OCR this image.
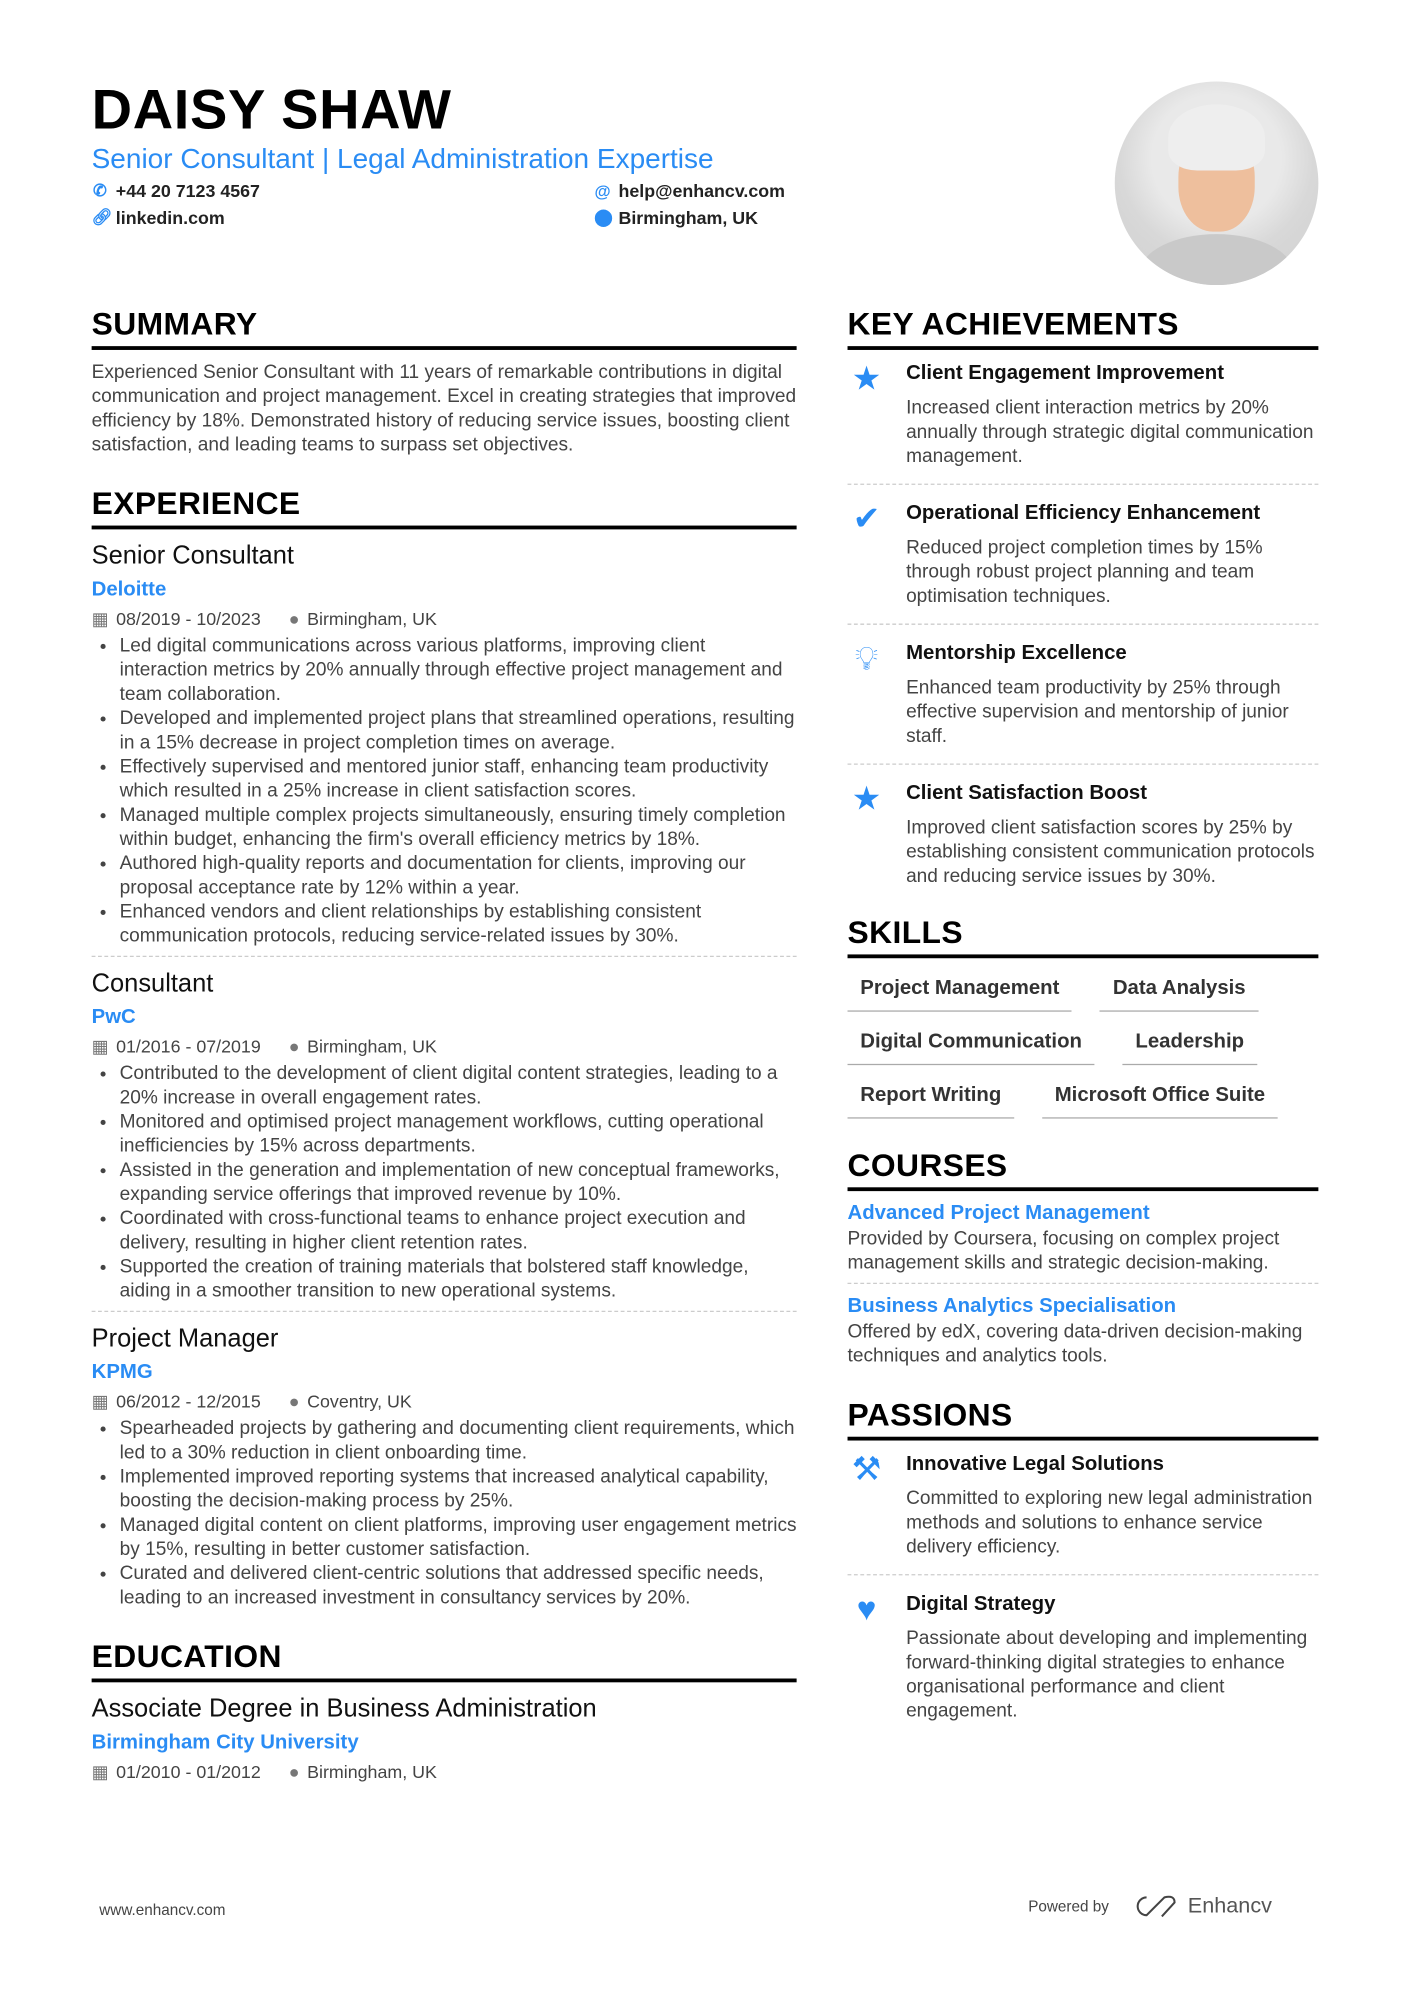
DAISY SHAW
Senior Consultant | Legal Administration Expertise
✆ +44 20 7123 4567
🔗︎ linkedin.com
@ help@enhancv.com
⬤ Birmingham, UK
SUMMARY
Experienced Senior Consultant with 11 years of remarkable contributions in digital communication and project management. Excel in creating strategies that improved efficiency by 18%. Demonstrated history of reducing service issues, boosting client satisfaction, and leading teams to surpass set objectives.
EXPERIENCE
Senior Consultant
Deloitte
▦ 08/2019 - 10/2023 ● Birmingham, UK
• Led digital communications across various platforms, improving client interaction metrics by 20% annually through effective project management and team collaboration.
• Developed and implemented project plans that streamlined operations, resulting in a 15% decrease in project completion times on average.
• Effectively supervised and mentored junior staff, enhancing team productivity which resulted in a 25% increase in client satisfaction scores.
• Managed multiple complex projects simultaneously, ensuring timely completion within budget, enhancing the firm's overall efficiency metrics by 18%.
• Authored high-quality reports and documentation for clients, improving our proposal acceptance rate by 12% within a year.
• Enhanced vendors and client relationships by establishing consistent communication protocols, reducing service-related issues by 30%.
Consultant
PwC
▦ 01/2016 - 07/2019 ● Birmingham, UK
• Contributed to the development of client digital content strategies, leading to a 20% increase in overall engagement rates.
• Monitored and optimised project management workflows, cutting operational inefficiencies by 15% across departments.
• Assisted in the generation and implementation of new conceptual frameworks, expanding service offerings that improved revenue by 10%.
• Coordinated with cross-functional teams to enhance project execution and delivery, resulting in higher client retention rates.
• Supported the creation of training materials that bolstered staff knowledge, aiding in a smoother transition to new operational systems.
Project Manager
KPMG
▦ 06/2012 - 12/2015 ● Coventry, UK
• Spearheaded projects by gathering and documenting client requirements, which led to a 30% reduction in client onboarding time.
• Implemented improved reporting systems that increased analytical capability, boosting the decision-making process by 25%.
• Managed digital content on client platforms, improving user engagement metrics by 15%, resulting in better customer satisfaction.
• Curated and delivered client-centric solutions that addressed specific needs, leading to an increased investment in consultancy services by 20%.
EDUCATION
Associate Degree in Business Administration
Birmingham City University
▦ 01/2010 - 01/2012 ● Birmingham, UK
KEY ACHIEVEMENTS
★ Client Engagement Improvement
Increased client interaction metrics by 20% annually through strategic digital communication management.
✔	Operational Efficiency Enhancement
Reduced project completion times by 15% through robust project planning and team optimisation techniques.
💡︎	Mentorship Excellence
Enhanced team productivity by 25% through effective supervision and mentorship of junior staff.
★ Client Satisfaction Boost
Improved client satisfaction scores by 25% by establishing consistent communication protocols and reducing service issues by 30%.
SKILLS
Project Management	Data Analysis
Digital Communication	Leadership
Report Writing	Microsoft Office Suite
COURSES
Advanced Project Management
Provided by Coursera, focusing on complex project management skills and strategic decision-making.
Business Analytics Specialisation
Offered by edX, covering data-driven decision-making techniques and analytics tools.
PASSIONS
⚒ Innovative Legal Solutions
Committed to exploring new legal administration methods and solutions to enhance service delivery efficiency.
♥	Digital Strategy
Passionate about developing and implementing forward-thinking digital strategies to enhance organisational performance and client engagement.
www.enhancv.com	Powered by	Enhancv
